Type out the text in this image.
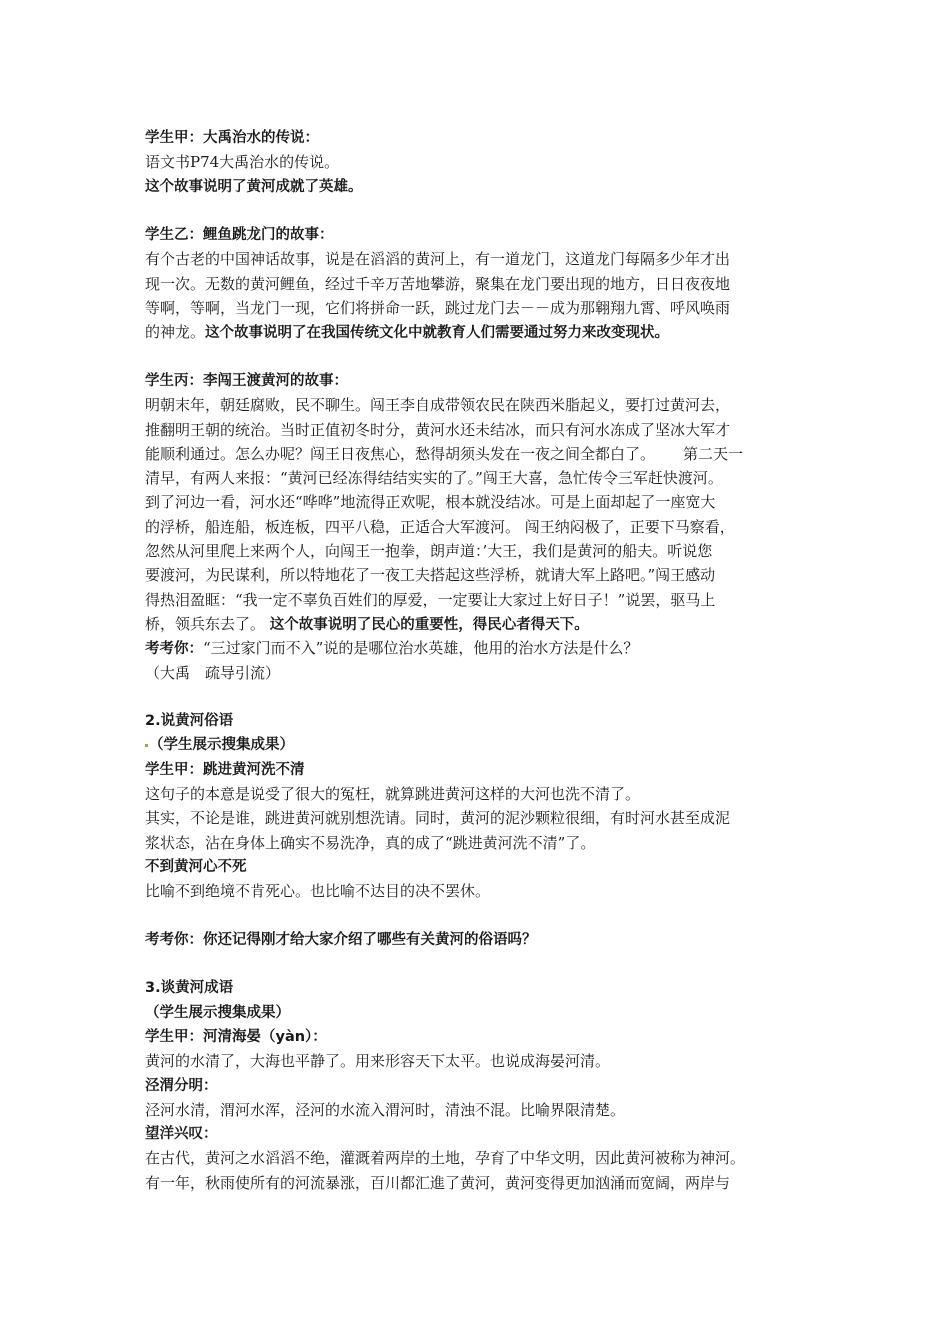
学生甲：大禹治水的传说：
语文书P74大禹治水的传说。
这个故事说明了黄河成就了英雄。
学生乙：鲤鱼跳龙门的故事：
有个古老的中国神话故事，说是在滔滔的黄河上，有一道龙门，这道龙门每隔多少年才出
现一次。无数的黄河鲤鱼，经过千辛万苦地攀游，聚集在龙门要出现的地方，日日夜夜地
等啊，等啊，当龙门一现，它们将拼命一跃，跳过龙门去－－成为那翱翔九霄、呼风唤雨
的神龙。这个故事说明了在我国传统文化中就教育人们需要通过努力来改变现状。
学生丙：李闯王渡黄河的故事：
明朝末年，朝廷腐败，民不聊生。闯王李自成带领农民在陕西米脂起义，要打过黄河去，
推翻明王朝的统治。当时正值初冬时分，黄河水还未结冰，而只有河水冻成了坚冰大军才
能顺利通过。怎么办呢？闯王日夜焦心，愁得胡须头发在一夜之间全都白了。 第二天一
清早，有两人来报：“黄河已经冻得结结实实的了。”闯王大喜，急忙传令三军赶快渡河。
到了河边一看，河水还“哗哗”地流得正欢呢，根本就没结冰。可是上面却起了一座宽大
的浮桥，船连船，板连板，四平八稳，正适合大军渡河。 闯王纳闷极了，正要下马察看，
忽然从河里爬上来两个人，向闯王一抱拳，朗声道：’大王，我们是黄河的船夫。听说您
要渡河，为民谋利，所以特地花了一夜工夫搭起这些浮桥，就请大军上路吧。”闯王感动
得热泪盈眶：“我一定不辜负百姓们的厚爱，一定要让大家过上好日子！”说罢，驱马上
桥，领兵东去了。 这个故事说明了民心的重要性，得民心者得天下。
考考你：“三过家门而不入”说的是哪位治水英雄，他用的治水方法是什么？
（大禹　疏导引流）
2.说黄河俗语
（学生展示搜集成果）
学生甲：跳进黄河洗不清
这句子的本意是说受了很大的冤枉，就算跳进黄河这样的大河也洗不清了。
其实，不论是谁，跳进黄河就别想洗请。同时，黄河的泥沙颗粒很细，有时河水甚至成泥
浆状态，沾在身体上确实不易洗净，真的成了“跳进黄河洗不清”了。
不到黄河心不死
比喻不到绝境不肯死心。也比喻不达目的决不罢休。
考考你：你还记得刚才给大家介绍了哪些有关黄河的俗语吗？
3.谈黄河成语
（学生展示搜集成果）
学生甲：河清海晏（yàn）：
黄河的水清了，大海也平静了。用来形容天下太平。也说成海晏河清。
泾渭分明：
泾河水清，渭河水浑，泾河的水流入渭河时，清浊不混。比喻界限清楚。
望洋兴叹：
在古代，黄河之水滔滔不绝，灌溉着两岸的土地，孕育了中华文明，因此黄河被称为神河。
有一年，秋雨使所有的河流暴涨，百川都汇進了黄河，黄河变得更加汹涌而宽阔，两岸与
